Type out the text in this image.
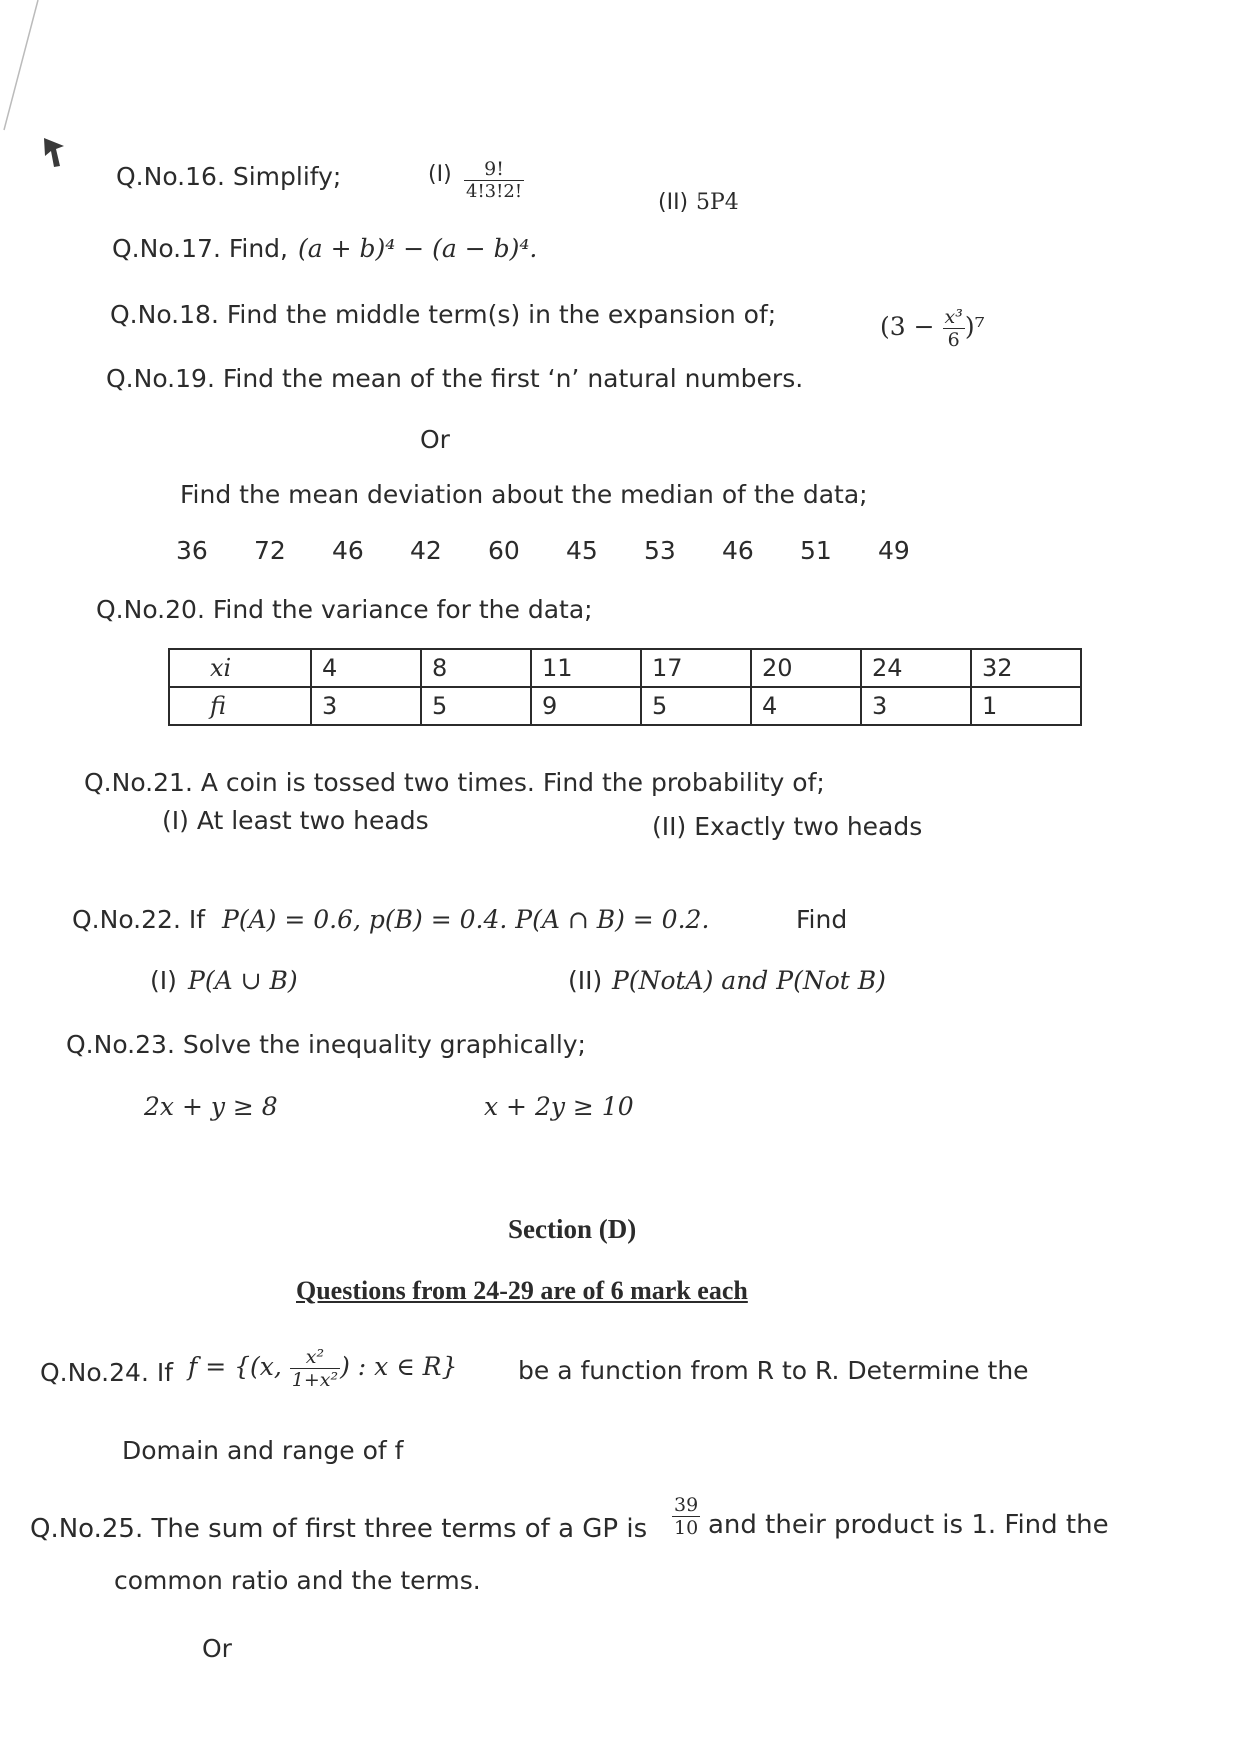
Q.No.16. Simplify;	$(I) \frac{9!}{4!3!2!}$
(II) 5P4
Q.No.17. Find, (a + b)⁴ − (a − b)⁴.
Q.No.18. Find the middle term(s) in the expansion of;	$(3 - \frac{\text{x³}}{6} )^7$
Q.No.19. Find the mean of the first ‘n’ natural numbers.
Or
Find the mean deviation about the median of the data;
36 72 46 42 60 45 53 46 51 49
Q.No.20. Find the variance for the data;
xi	4	8	11	17	20	24	32
fi	3	5	9	5	4	3	1
Q.No.21. A coin is tossed two times. Find the probability of;
(I) At least two heads	(II) Exactly two heads
Q.No.22. If P(A) = 0.6, p(B) = 0.4. P(A ∩ B) = 0.2.	Find
(I) P(A ∪ B)	(II) P(NotA) and P(Not B)
Q.No.23. Solve the inequality graphically;
2x + y ≥ 8	x + 2y ≥ 10
Section (D)
Questions from 24-29 are of 6 mark each
Q.No.24. If f = {(x, $\frac{\text{x²}}{\text{1+x²}}$ ) : x ∈ R} be a function from R to R. Determine the
Domain and range of f
Q.No.25. The sum of first three terms of a GP is $\frac{39}{10}$ and their product is 1. Find the
common ratio and the terms.
Or
